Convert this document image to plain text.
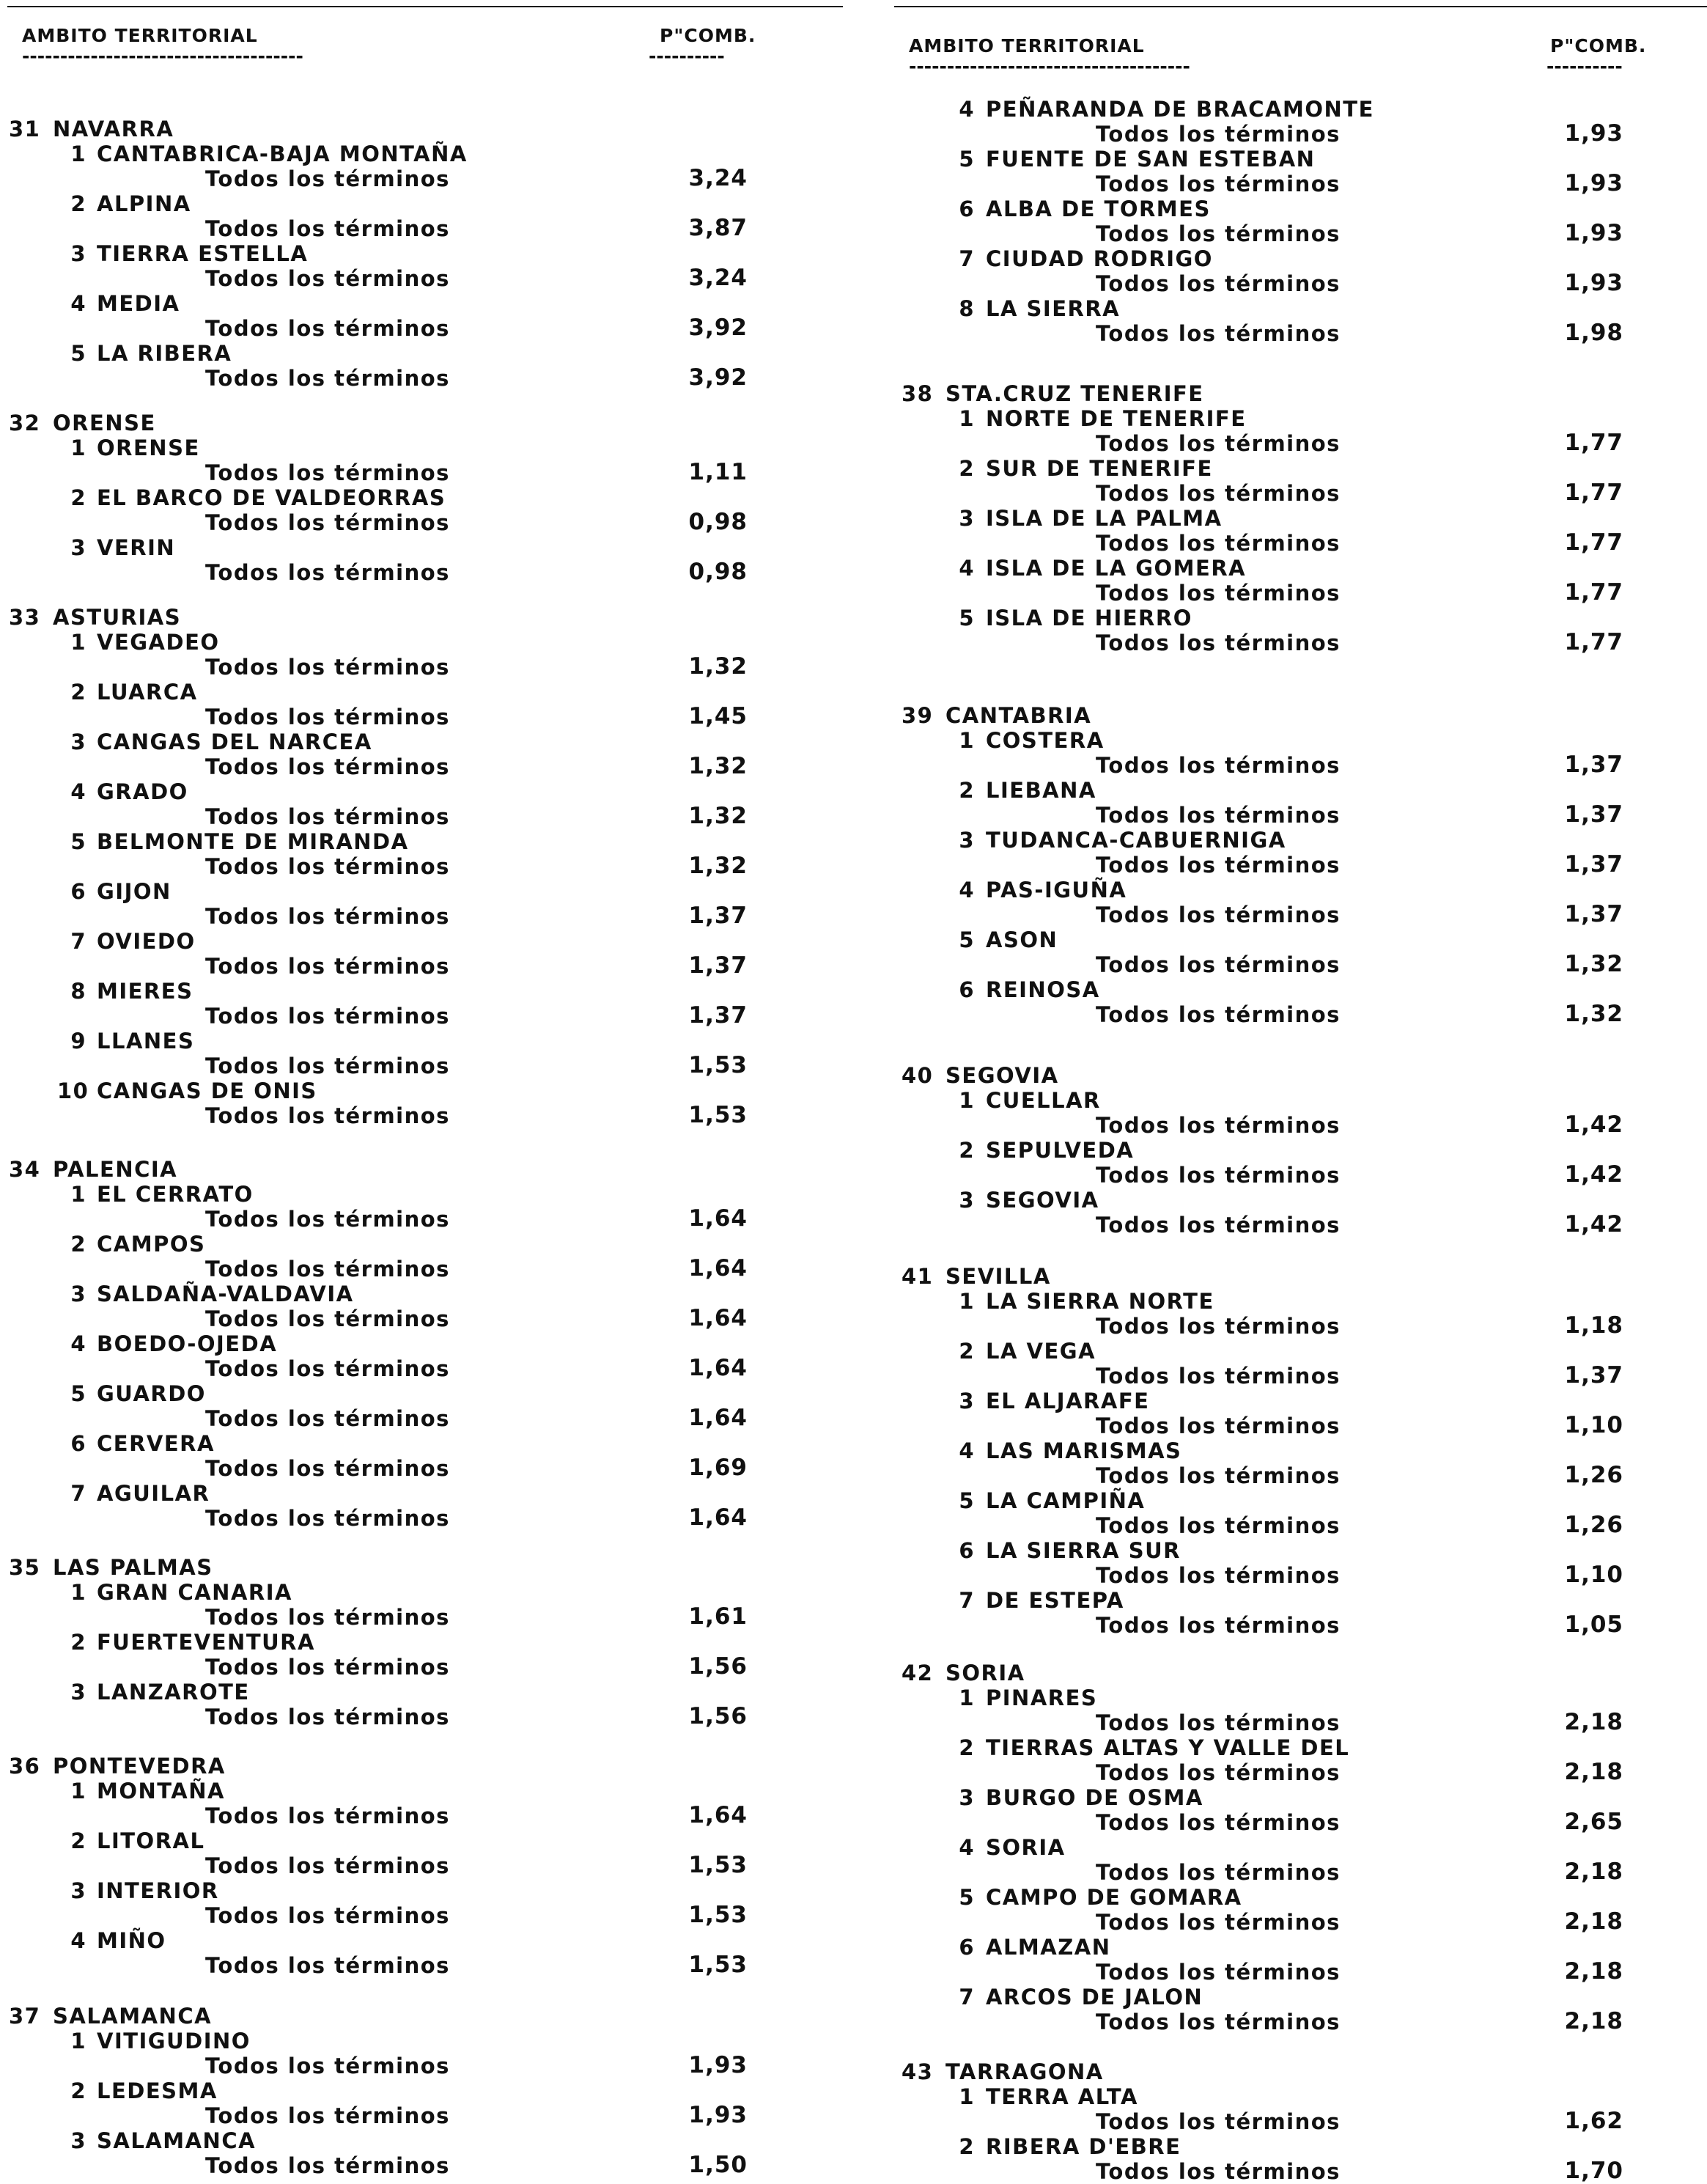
AMBITO TERRITORIAL	P"COMB.
-------------------------------------	----------
31 NAVARRA
1 CANTABRICA-BAJA MONTAÑA
Todos los términos	3,24
2 ALPINA
Todos los términos	3,87
3 TIERRA ESTELLA
Todos los términos	3,24
4 MEDIA
Todos los términos	3,92
5 LA RIBERA
Todos los términos	3,92
32 ORENSE
1 ORENSE
Todos los términos	1,11
2 EL BARCO DE VALDEORRAS
Todos los términos	0,98
3 VERIN
Todos los términos	0,98
33 ASTURIAS
1 VEGADEO
Todos los términos	1,32
2 LUARCA
Todos los términos	1,45
3 CANGAS DEL NARCEA
Todos los términos	1,32
4 GRADO
Todos los términos	1,32
5 BELMONTE DE MIRANDA
Todos los términos	1,32
6 GIJON
Todos los términos	1,37
7 OVIEDO
Todos los términos	1,37
8 MIERES
Todos los términos	1,37
9 LLANES
Todos los términos	1,53
10 CANGAS DE ONIS
Todos los términos	1,53
34 PALENCIA
1 EL CERRATO
Todos los términos	1,64
2 CAMPOS
Todos los términos	1,64
3 SALDAÑA-VALDAVIA
Todos los términos	1,64
4 BOEDO-OJEDA
Todos los términos	1,64
5 GUARDO
Todos los términos	1,64
6 CERVERA
Todos los términos	1,69
7 AGUILAR
Todos los términos	1,64
35 LAS PALMAS
1 GRAN CANARIA
Todos los términos	1,61
2 FUERTEVENTURA
Todos los términos	1,56
3 LANZAROTE
Todos los términos	1,56
36 PONTEVEDRA
1 MONTAÑA
Todos los términos	1,64
2 LITORAL
Todos los términos	1,53
3 INTERIOR
Todos los términos	1,53
4 MIÑO
Todos los términos	1,53
37 SALAMANCA
1 VITIGUDINO
Todos los términos	1,93
2 LEDESMA
Todos los términos	1,93
3 SALAMANCA
Todos los términos	1,50
AMBITO TERRITORIAL	P"COMB.
-------------------------------------	----------
4 PEÑARANDA DE BRACAMONTE
Todos los términos	1,93
5 FUENTE DE SAN ESTEBAN
Todos los términos	1,93
6 ALBA DE TORMES
Todos los términos	1,93
7 CIUDAD RODRIGO
Todos los términos	1,93
8 LA SIERRA
Todos los términos	1,98
38 STA.CRUZ TENERIFE
1 NORTE DE TENERIFE
Todos los términos	1,77
2 SUR DE TENERIFE
Todos los términos	1,77
3 ISLA DE LA PALMA
Todos los términos	1,77
4 ISLA DE LA GOMERA
Todos los términos	1,77
5 ISLA DE HIERRO
Todos los términos	1,77
39 CANTABRIA
1 COSTERA
Todos los términos	1,37
2 LIEBANA
Todos los términos	1,37
3 TUDANCA-CABUERNIGA
Todos los términos	1,37
4 PAS-IGUÑA
Todos los términos	1,37
5 ASON
Todos los términos	1,32
6 REINOSA
Todos los términos	1,32
40 SEGOVIA
1 CUELLAR
Todos los términos	1,42
2 SEPULVEDA
Todos los términos	1,42
3 SEGOVIA
Todos los términos	1,42
41 SEVILLA
1 LA SIERRA NORTE
Todos los términos	1,18
2 LA VEGA
Todos los términos	1,37
3 EL ALJARAFE
Todos los términos	1,10
4 LAS MARISMAS
Todos los términos	1,26
5 LA CAMPIÑA
Todos los términos	1,26
6 LA SIERRA SUR
Todos los términos	1,10
7 DE ESTEPA
Todos los términos	1,05
42 SORIA
1 PINARES
Todos los términos	2,18
2 TIERRAS ALTAS Y VALLE DEL
Todos los términos	2,18
3 BURGO DE OSMA
Todos los términos	2,65
4 SORIA
Todos los términos	2,18
5 CAMPO DE GOMARA
Todos los términos	2,18
6 ALMAZAN
Todos los términos	2,18
7 ARCOS DE JALON
Todos los términos	2,18
43 TARRAGONA
1 TERRA ALTA
Todos los términos	1,62
2 RIBERA D'EBRE
Todos los términos	1,70
